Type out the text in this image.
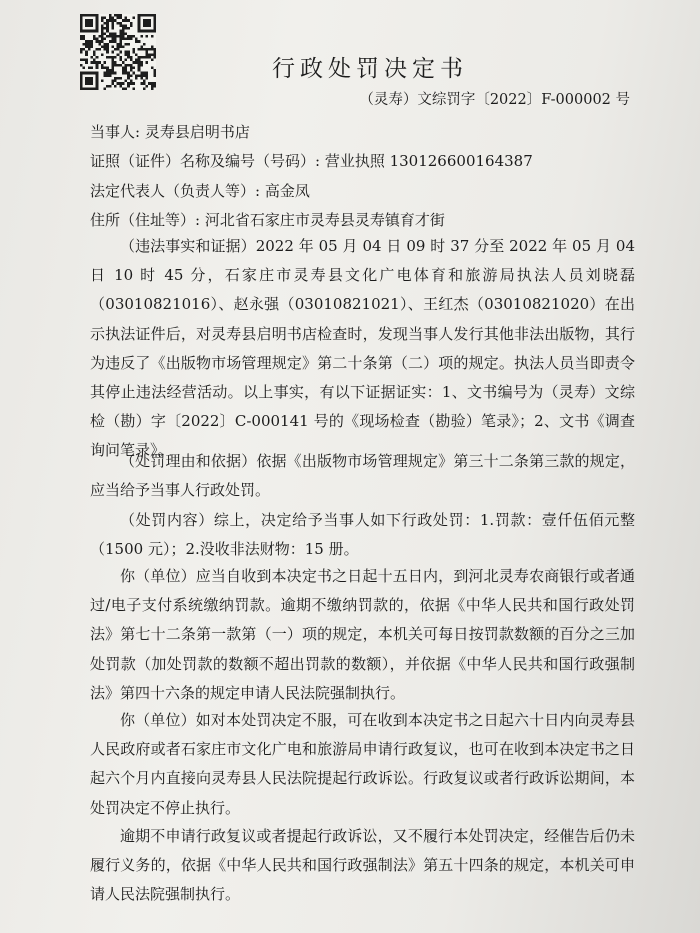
行政处罚决定书
（灵寿）文综罚字〔2022〕F-000002 号
当事人: 灵寿县启明书店
证照（证件）名称及编号（号码）: 营业执照 130126600164387
法定代表人（负责人等）: 高金凤
住所（住址等）: 河北省石家庄市灵寿县灵寿镇育才街
（违法事实和证据）2022 年 05 月 04 日 09 时 37 分至 2022 年 05 月 04 日 10 时 45 分，石家庄市灵寿县文化广电体育和旅游局执法人员刘晓磊（03010821016）、赵永强（03010821021）、王红杰（03010821020）在出示执法证件后，对灵寿县启明书店检查时，发现当事人发行其他非法出版物，其行为违反了《出版物市场管理规定》第二十条第（二）项的规定。执法人员当即责令其停止违法经营活动。以上事实，有以下证据证实：1、文书编号为（灵寿）文综检（勘）字〔2022〕C-000141 号的《现场检查（勘验）笔录》；2、文书《调查询问笔录》。
（处罚理由和依据）依据《出版物市场管理规定》第三十二条第三款的规定，应当给予当事人行政处罚。
（处罚内容）综上，决定给予当事人如下行政处罚：1.罚款：壹仟伍佰元整（1500 元）；2.没收非法财物：15 册。
你（单位）应当自收到本决定书之日起十五日内，到河北灵寿农商银行或者通过/电子支付系统缴纳罚款。逾期不缴纳罚款的，依据《中华人民共和国行政处罚法》第七十二条第一款第（一）项的规定，本机关可每日按罚款数额的百分之三加处罚款（加处罚款的数额不超出罚款的数额），并依据《中华人民共和国行政强制法》第四十六条的规定申请人民法院强制执行。
你（单位）如对本处罚决定不服，可在收到本决定书之日起六十日内向灵寿县人民政府或者石家庄市文化广电和旅游局申请行政复议，也可在收到本决定书之日起六个月内直接向灵寿县人民法院提起行政诉讼。行政复议或者行政诉讼期间，本处罚决定不停止执行。
逾期不申请行政复议或者提起行政诉讼，又不履行本处罚决定，经催告后仍未履行义务的，依据《中华人民共和国行政强制法》第五十四条的规定，本机关可申请人民法院强制执行。
